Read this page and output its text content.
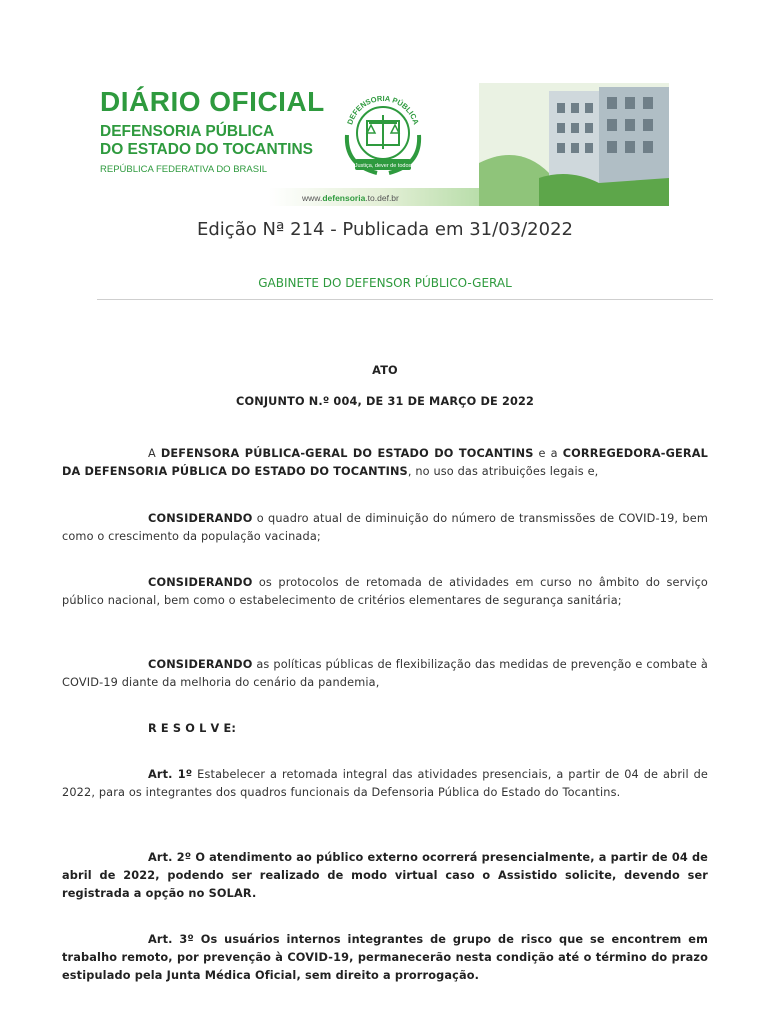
DIÁRIO OFICIAL
DEFENSORIA PÚBLICA
DO ESTADO DO TOCANTINS
REPÚBLICA FEDERATIVA DO BRASIL
DEFENSORIA PÚBLICA
Justiça, dever de todos
www.defensoria.to.def.br
Edição Nª 214 - Publicada em 31/03/2022
GABINETE DO DEFENSOR PÚBLICO-GERAL
ATO
CONJUNTO N.º 004, DE 31 DE MARÇO DE 2022
A DEFENSORA PÚBLICA-GERAL DO ESTADO DO TOCANTINS e a CORREGEDORA-GERAL DA DEFENSORIA PÚBLICA DO ESTADO DO TOCANTINS, no uso das atribuições legais e,
CONSIDERANDO o quadro atual de diminuição do número de transmissões de COVID-19, bem como o crescimento da população vacinada;
CONSIDERANDO os protocolos de retomada de atividades em curso no âmbito do serviço público nacional, bem como o estabelecimento de critérios elementares de segurança sanitária;
CONSIDERANDO as políticas públicas de flexibilização das medidas de prevenção e combate à COVID-19 diante da melhoria do cenário da pandemia,
R E S O L V E:
Art. 1º Estabelecer a retomada integral das atividades presenciais, a partir de 04 de abril de 2022, para os integrantes dos quadros funcionais da Defensoria Pública do Estado do Tocantins.
Art. 2º O atendimento ao público externo ocorrerá presencialmente, a partir de 04 de abril de 2022, podendo ser realizado de modo virtual caso o Assistido solicite, devendo ser registrada a opção no SOLAR.
Art. 3º Os usuários internos integrantes de grupo de risco que se encontrem em trabalho remoto, por prevenção à COVID-19, permanecerão nesta condição até o término do prazo estipulado pela Junta Médica Oficial, sem direito a prorrogação.
